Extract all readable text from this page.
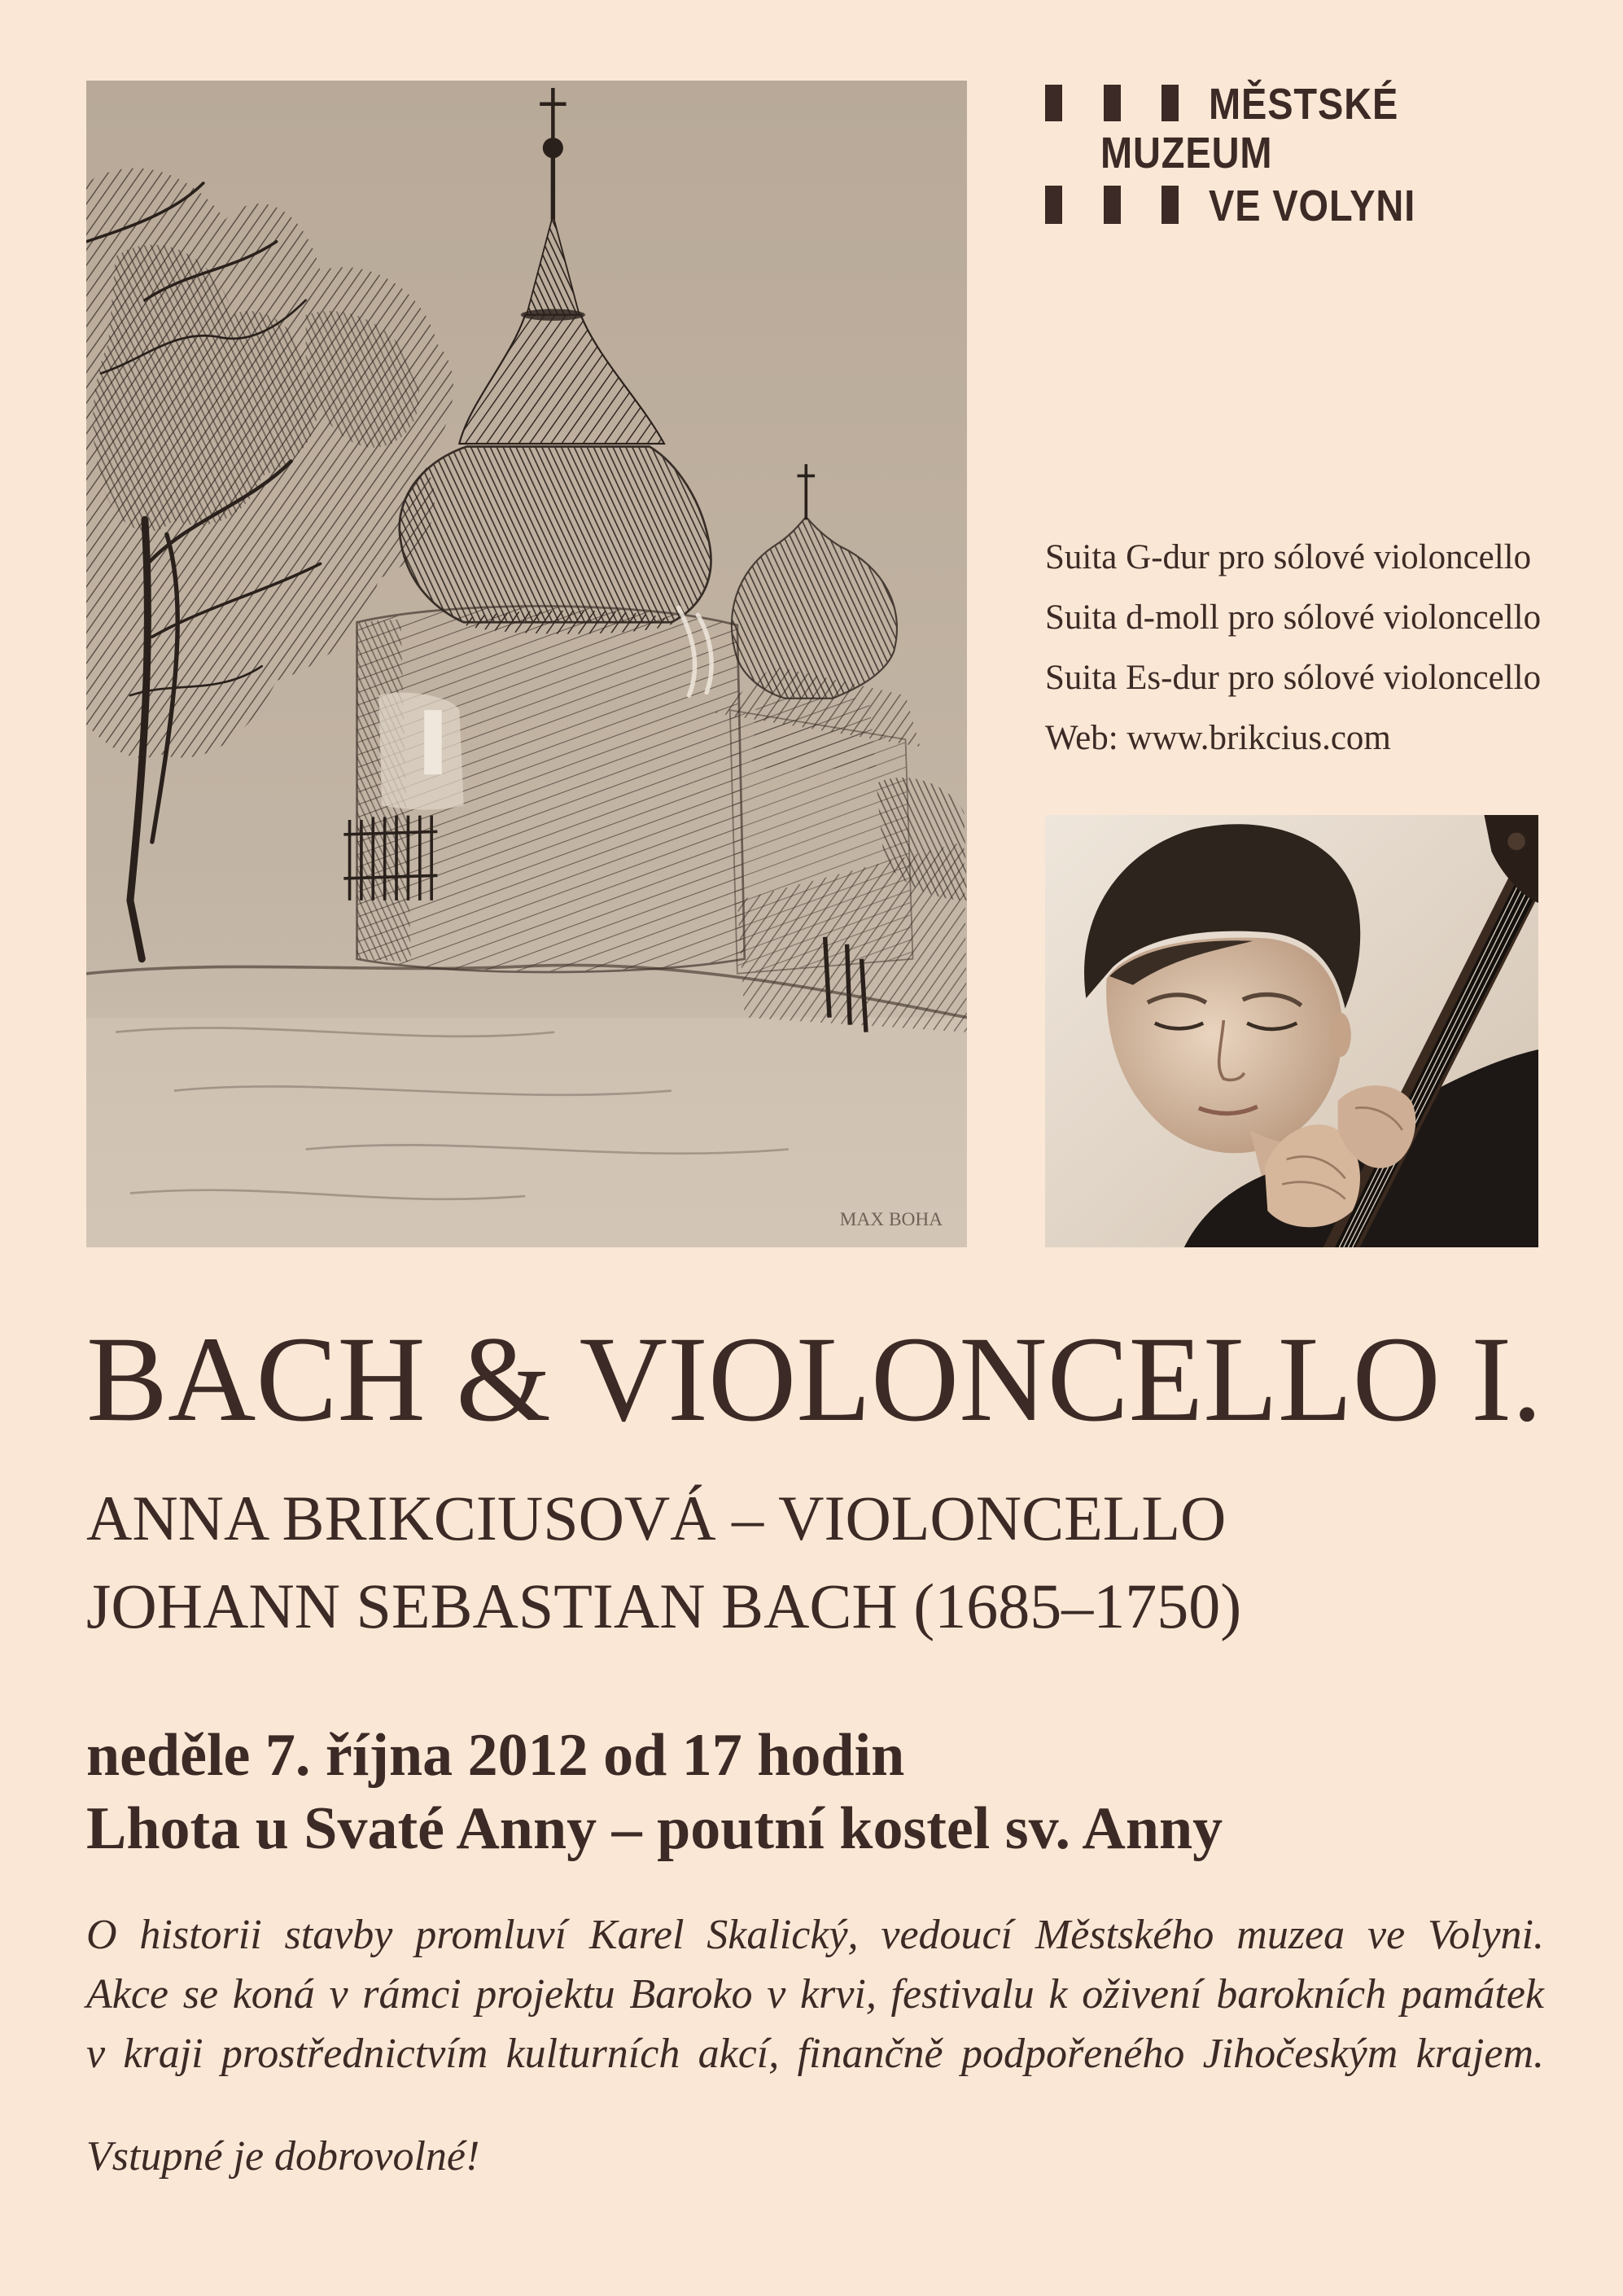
MAX BOHA
MĚSTSKÉ
MUZEUM
VE VOLYNI
Suita G-dur pro sólové violoncello
Suita d-moll pro sólové violoncello
Suita Es-dur pro sólové violoncello
Web: www.brikcius.com
BACH & VIOLONCELLO I.
ANNA BRIKCIUSOVÁ – VIOLONCELLO
JOHANN SEBASTIAN BACH (1685–1750)
neděle 7. října 2012 od 17 hodin
Lhota u Svaté Anny – poutní kostel sv. Anny
O historii stavby promluví Karel Skalický, vedoucí Městského muzea ve Volyni.
Akce se koná v rámci projektu Baroko v krvi, festivalu k oživení barokních památek
v kraji prostřednictvím kulturních akcí, finančně podpořeného Jihočeským krajem.
Vstupné je dobrovolné!
